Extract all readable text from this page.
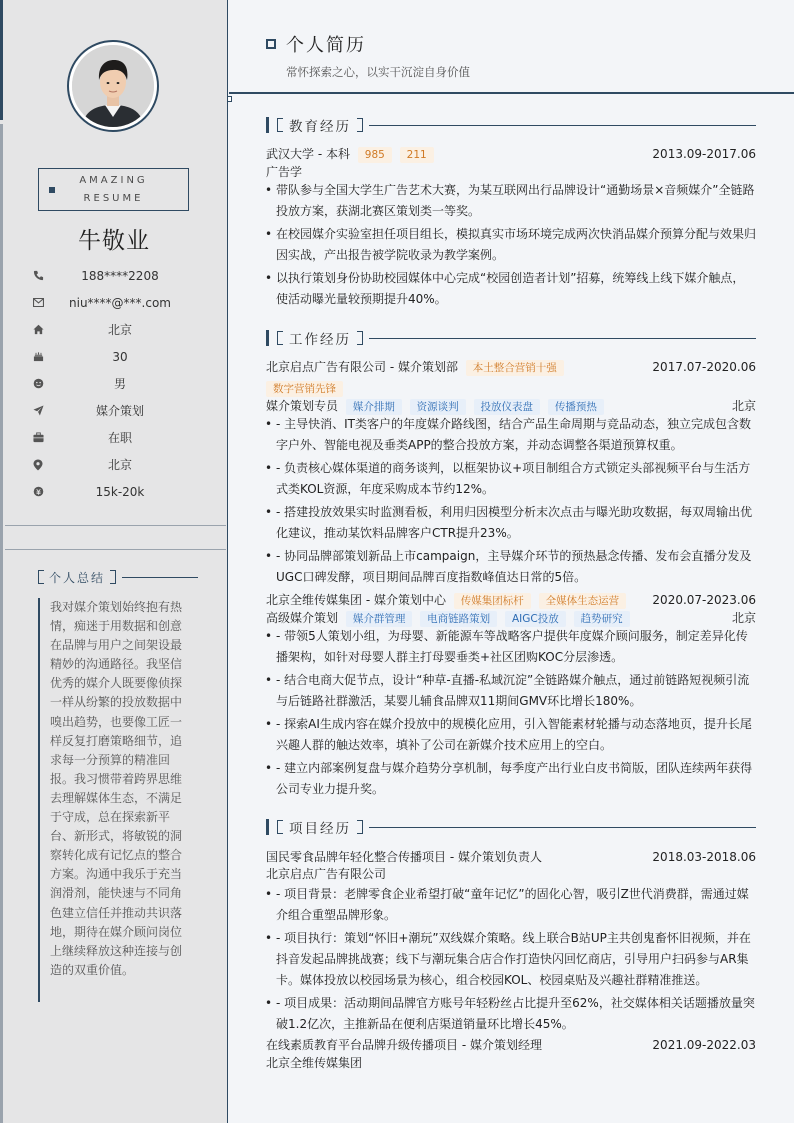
AMAZING
RESUME
牛敬业
188****2208
niu****@***.com
北京
30
男
媒介策划
在职
北京
15k-20k
个人总结
我对媒介策划始终抱有热情，痴迷于用数据和创意在品牌与用户之间架设最精妙的沟通路径。我坚信优秀的媒介人既要像侦探一样从纷繁的投放数据中嗅出趋势，也要像工匠一样反复打磨策略细节，追求每一分预算的精准回报。我习惯带着跨界思维去理解媒体生态，不满足于守成，总在探索新平台、新形式，将敏锐的洞察转化成有记忆点的整合方案。沟通中我乐于充当润滑剂，能快速与不同角色建立信任并推动共识落地，期待在媒介顾问岗位上继续释放这种连接与创造的双重价值。
个人简历
常怀探索之心，以实干沉淀自身价值
教育经历
武汉大学 - 本科 985 211	2013.09-2017.06
广告学
• 带队参与全国大学生广告艺术大赛，为某互联网出行品牌设计“通勤场景×音频媒介”全链路投放方案，获湖北赛区策划类一等奖。
• 在校园媒介实验室担任项目组长，模拟真实市场环境完成两次快消品媒介预算分配与效果归因实战，产出报告被学院收录为教学案例。
• 以执行策划身份协助校园媒体中心完成“校园创造者计划”招募，统筹线上线下媒介触点，使活动曝光量较预期提升40%。
工作经历
北京启点广告有限公司 - 媒介策划部 本土整合营销十强	2017.07-2020.06
数字营销先锋
媒介策划专员 媒介排期 资源谈判 投放仪表盘 传播预热	北京
• - 主导快消、IT类客户的年度媒介路线图，结合产品生命周期与竞品动态，独立完成包含数字户外、智能电视及垂类APP的整合投放方案，并动态调整各渠道预算权重。
• - 负责核心媒体渠道的商务谈判，以框架协议+项目制组合方式锁定头部视频平台与生活方式类KOL资源，年度采购成本节约12%。
• - 搭建投放效果实时监测看板，利用归因模型分析末次点击与曝光助攻数据，每双周输出优化建议，推动某饮料品牌客户CTR提升23%。
• - 协同品牌部策划新品上市campaign，主导媒介环节的预热悬念传播、发布会直播分发及UGC口碑发酵，项目期间品牌百度指数峰值达日常的5倍。
北京全维传媒集团 - 媒介策划中心 传媒集团标杆 全媒体生态运营	2020.07-2023.06
高级媒介策划 媒介群管理 电商链路策划 AIGC投放 趋势研究	北京
• - 带领5人策划小组，为母婴、新能源车等战略客户提供年度媒介顾问服务，制定差异化传播架构，如针对母婴人群主打母婴垂类+社区团购KOC分层渗透。
• - 结合电商大促节点，设计“种草-直播-私域沉淀”全链路媒介触点，通过前链路短视频引流与后链路社群激活，某婴儿辅食品牌双11期间GMV环比增长180%。
• - 探索AI生成内容在媒介投放中的规模化应用，引入智能素材轮播与动态落地页，提升长尾兴趣人群的触达效率，填补了公司在新媒介技术应用上的空白。
• - 建立内部案例复盘与媒介趋势分享机制，每季度产出行业白皮书简版，团队连续两年获得公司专业力提升奖。
项目经历
国民零食品牌年轻化整合传播项目 - 媒介策划负责人	2018.03-2018.06
北京启点广告有限公司
• - 项目背景：老牌零食企业希望打破“童年记忆”的固化心智，吸引Z世代消费群，需通过媒介组合重塑品牌形象。
• - 项目执行：策划“怀旧+潮玩”双线媒介策略。线上联合B站UP主共创鬼畜怀旧视频，并在抖音发起品牌挑战赛；线下与潮玩集合店合作打造快闪回忆商店，引导用户扫码参与AR集卡。媒体投放以校园场景为核心，组合校园KOL、校园桌贴及兴趣社群精准推送。
• - 项目成果：活动期间品牌官方账号年轻粉丝占比提升至62%，社交媒体相关话题播放量突破1.2亿次，主推新品在便利店渠道销量环比增长45%。
在线素质教育平台品牌升级传播项目 - 媒介策划经理	2021.09-2022.03
北京全维传媒集团
